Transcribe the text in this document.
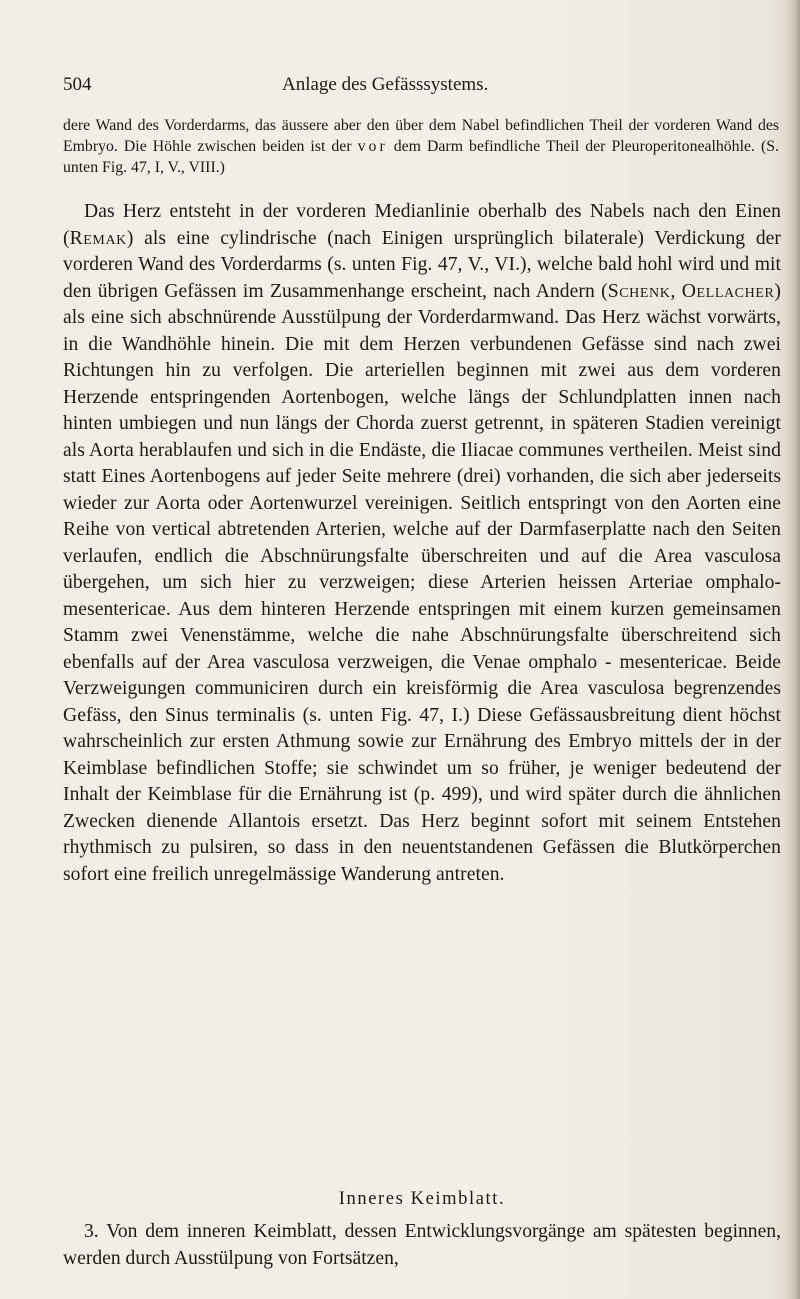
504	Anlage des Gefässsystems.
dere Wand des Vorderdarms, das äussere aber den über dem Nabel befindlichen Theil der vorderen Wand des Embryo. Die Höhle zwischen beiden ist der vor dem Darm befindliche Theil der Pleuroperitonealhöhle. (S. unten Fig. 47, I, V., VIII.)

Das Herz entsteht in der vorderen Medianlinie oberhalb des Nabels nach den Einen (Remak) als eine cylindrische (nach Einigen ursprünglich bilaterale) Verdickung der vorderen Wand des Vorderdarms (s. unten Fig. 47, V., VI.), welche bald hohl wird und mit den übrigen Gefässen im Zusammenhange erscheint, nach Andern (Schenk, Oellacher) als eine sich abschnürende Ausstülpung der Vorderdarmwand. Das Herz wächst vorwärts, in die Wandhöhle hinein. Die mit dem Herzen verbundenen Gefässe sind nach zwei Richtungen hin zu verfolgen. Die arteriellen beginnen mit zwei aus dem vorderen Herzende entspringenden Aortenbogen, welche längs der Schlundplatten innen nach hinten umbiegen und nun längs der Chorda zuerst getrennt, in späteren Stadien vereinigt als Aorta herablaufen und sich in die Endäste, die Iliacae communes vertheilen. Meist sind statt Eines Aortenbogens auf jeder Seite mehrere (drei) vorhanden, die sich aber jederseits wieder zur Aorta oder Aortenwurzel vereinigen. Seitlich entspringt von den Aorten eine Reihe von vertical abtretenden Arterien, welche auf der Darmfaserplatte nach den Seiten verlaufen, endlich die Abschnürungsfalte überschreiten und auf die Area vasculosa übergehen, um sich hier zu verzweigen; diese Arterien heissen Arteriae omphalo-mesentericae. Aus dem hinteren Herzende entspringen mit einem kurzen gemeinsamen Stamm zwei Venenstämme, welche die nahe Abschnürungsfalte überschreitend sich ebenfalls auf der Area vasculosa verzweigen, die Venae omphalo - mesentericae. Beide Verzweigungen communiciren durch ein kreisförmig die Area vasculosa begrenzendes Gefäss, den Sinus terminalis (s. unten Fig. 47, I.) Diese Gefässausbreitung dient höchst wahrscheinlich zur ersten Athmung sowie zur Ernährung des Embryo mittels der in der Keimblase befindlichen Stoffe; sie schwindet um so früher, je weniger bedeutend der Inhalt der Keimblase für die Ernährung ist (p. 499), und wird später durch die ähnlichen Zwecken dienende Allantois ersetzt. Das Herz beginnt sofort mit seinem Entstehen rhythmisch zu pulsiren, so dass in den neuentstandenen Gefässen die Blutkörperchen sofort eine freilich unregelmässige Wanderung antreten.

Inneres Keimblatt.

3. Von dem inneren Keimblatt, dessen Entwicklungsvorgänge am spätesten beginnen, werden durch Ausstülpung von Fortsätzen,
